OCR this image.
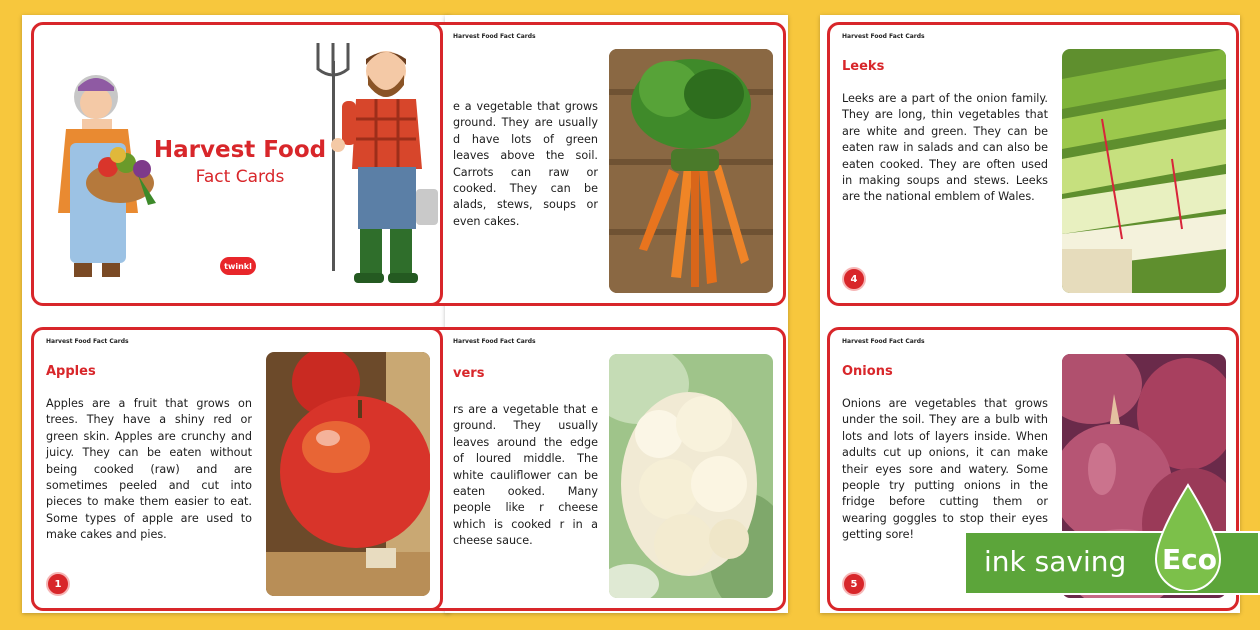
Harvest Food Fact Cards
e a vegetable that grows ground. They are usually d have lots of green leaves above the soil. Carrots can raw or cooked. They can be alads, stews, soups or even cakes.
Harvest Food Fact Cards
vers
rs are a vegetable that e ground. They usually leaves around the edge of loured middle. The white cauliflower can be eaten ooked. Many people like r cheese which is cooked r in a cheese sauce.
Harvest Food
Fact Cards
twinkl
Harvest Food Fact Cards
Apples
Apples are a fruit that grows on trees. They have a shiny red or green skin. Apples are crunchy and juicy. They can be eaten without being cooked (raw) and are sometimes peeled and cut into pieces to make them easier to eat. Some types of apple are used to make cakes and pies.
1
Harvest Food Fact Cards
Leeks
Leeks are a part of the onion family. They are long, thin vegetables that are white and green. They can be eaten raw in salads and can also be eaten cooked. They are often used in making soups and stews. Leeks are the national emblem of Wales.
4
Harvest Food Fact Cards
Onions
Onions are vegetables that grows under the soil. They are a bulb with lots and lots of layers inside. When adults cut up onions, it can make their eyes sore and watery. Some people try putting onions in the fridge before cutting them or wearing goggles to stop their eyes getting sore!
5
ink saving Eco
